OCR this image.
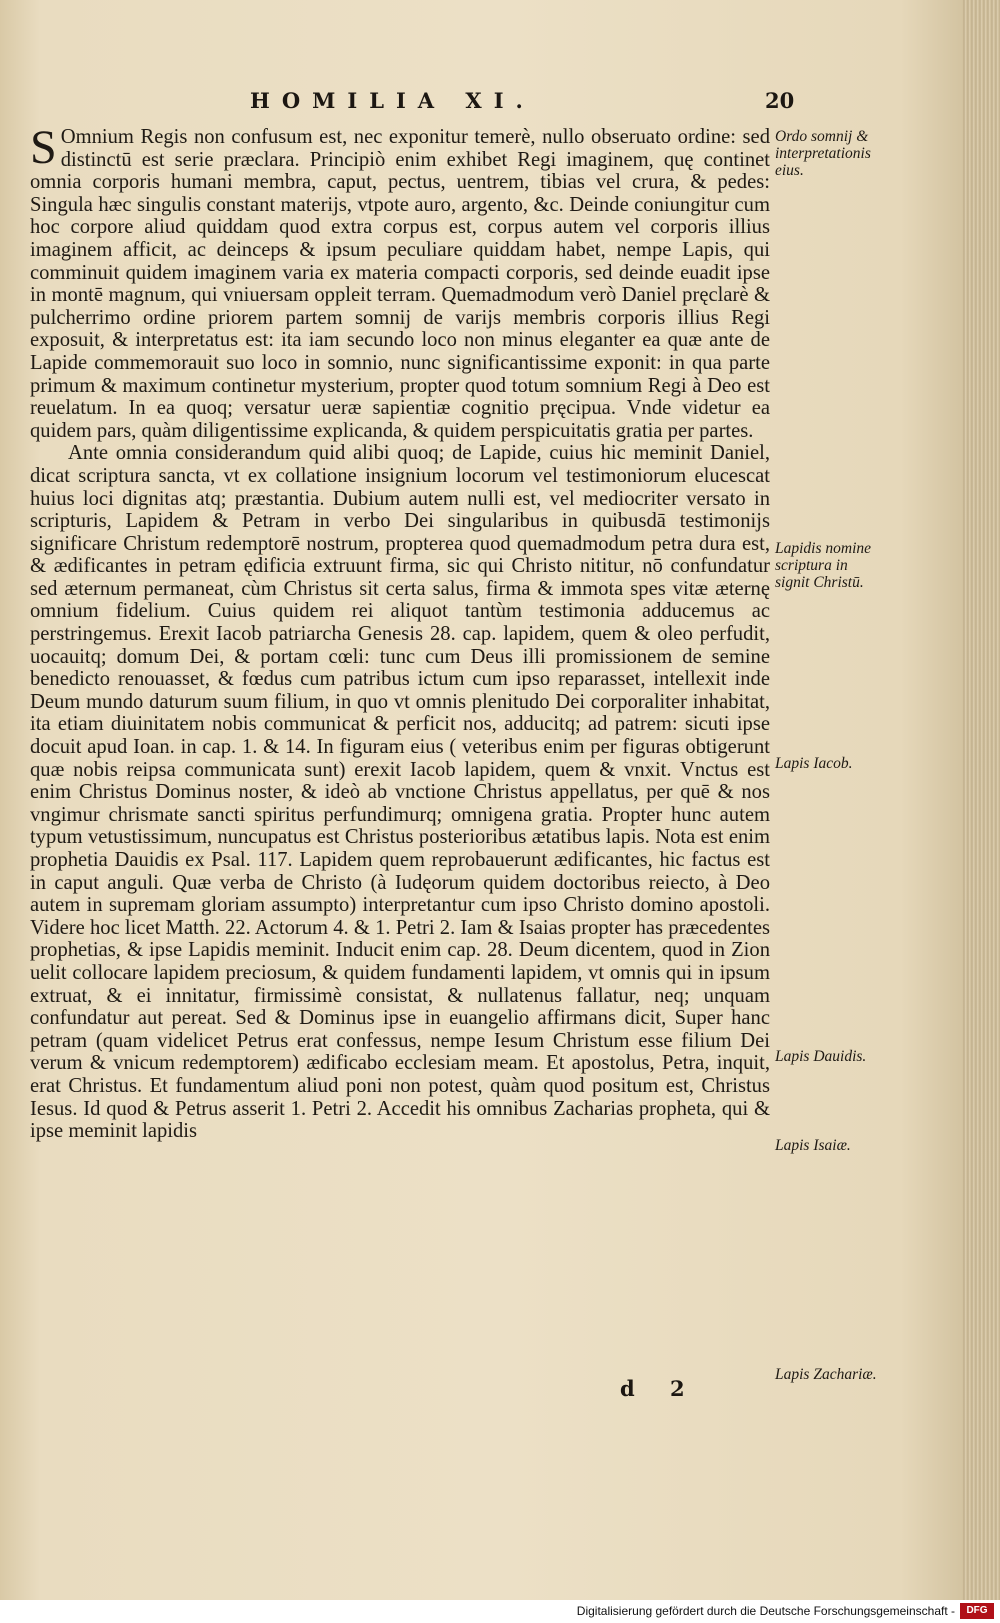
HOMILIA XI.	20

S Omnium Regis non confusum est, nec exponitur temerè, nullo obseruato ordine: sed distinctū est serie præclara. Principiò enim exhibet Regi imaginem, quę continet omnia corporis humani membra, caput, pectus, uentrem, tibias vel crura, & pedes: Singula hæc singulis constant materijs, vtpote auro, argento, &c. Deinde coniungitur cum hoc corpore aliud quiddam quod extra corpus est, corpus autem vel corporis illius imaginem afficit, ac deinceps & ipsum peculiare quiddam habet, nempe Lapis, qui comminuit quidem imaginem varia ex materia compacti corporis, sed deinde euadit ipse in montē magnum, qui vniuersam oppleit terram. Quemadmodum verò Daniel pręclarè & pulcherrimo ordine priorem partem somnij de varijs membris corporis illius Regi exposuit, & interpretatus est: ita iam secundo loco non minus eleganter ea quæ ante de Lapide commemorauit suo loco in somnio, nunc significantissime exponit: in qua parte primum & maximum continetur mysterium, propter quod totum somnium Regi à Deo est reuelatum. In ea quoq; versatur ueræ sapientiæ cognitio pręcipua. Vnde videtur ea quidem pars, quàm diligentissime explicanda, & quidem perspicuitatis gratia per partes.

Ante omnia considerandum quid alibi quoq; de Lapide, cuius hic meminit Daniel, dicat scriptura sancta, vt ex collatione insignium locorum vel testimoniorum elucescat huius loci dignitas atq; præstantia. Dubium autem nulli est, vel mediocriter versato in scripturis, Lapidem & Petram in verbo Dei singularibus in quibusdā testimonijs significare Christum redemptorē nostrum, propterea quod quemadmodum petra dura est, & ædificantes in petram ędificia extruunt firma, sic qui Christo nititur, nō confundatur sed æternum permaneat, cùm Christus sit certa salus, firma & immota spes vitæ æternę omnium fidelium. Cuius quidem rei aliquot tantùm testimonia adducemus ac perstringemus. Erexit Iacob patriarcha Genesis 28. cap. lapidem, quem & oleo perfudit, uocauitq; domum Dei, & portam cœli: tunc cum Deus illi promissionem de semine benedicto renouasset, & fœdus cum patribus ictum cum ipso reparasset, intellexit inde Deum mundo daturum suum filium, in quo vt omnis plenitudo Dei corporaliter inhabitat, ita etiam diuinitatem nobis communicat & perficit nos, adducitq; ad patrem: sicuti ipse docuit apud Ioan. in cap. 1. & 14. In figuram eius ( veteribus enim per figuras obtigerunt quæ nobis reipsa communicata sunt) erexit Iacob lapidem, quem & vnxit. Vnctus est enim Christus Dominus noster, & ideò ab vnctione Christus appellatus, per quē & nos vngimur chrismate sancti spiritus perfundimurq; omnigena gratia. Propter hunc autem typum vetustissimum, nuncupatus est Christus posterioribus ætatibus lapis. Nota est enim prophetia Dauidis ex Psal. 117. Lapidem quem reprobauerunt ædificantes, hic factus est in caput anguli. Quæ verba de Christo (à Iudęorum quidem doctoribus reiecto, à Deo autem in supremam gloriam assumpto) interpretantur cum ipso Christo domino apostoli. Videre hoc licet Matth. 22. Actorum 4. & 1. Petri 2. Iam & Isaias propter has præcedentes prophetias, & ipse Lapidis meminit. Inducit enim cap. 28. Deum dicentem, quod in Zion uelit collocare lapidem preciosum, & quidem fundamenti lapidem, vt omnis qui in ipsum extruat, & ei innitatur, firmissimè consistat, & nullatenus fallatur, neq; unquam confundatur aut pereat. Sed & Dominus ipse in euangelio affirmans dicit, Super hanc petram (quam videlicet Petrus erat confessus, nempe Iesum Christum esse filium Dei verum & vnicum redemptorem) ædificabo ecclesiam meam. Et apostolus, Petra, inquit, erat Christus. Et fundamentum aliud poni non potest, quàm quod positum est, Christus Iesus. Id quod & Petrus asserit 1. Petri 2. Accedit his omnibus Zacharias propheta, qui & ipse meminit lapidis

Ordo somnij & interpretationis eius.
Lapidis nomine scriptura in signit Christū.
Lapis Iacob.
Lapis Dauidis.
Lapis Isaiæ.
Lapis Zachariæ.
d 2
Digitalisierung gefördert durch die Deutsche Forschungsgemeinschaft -	DFG
